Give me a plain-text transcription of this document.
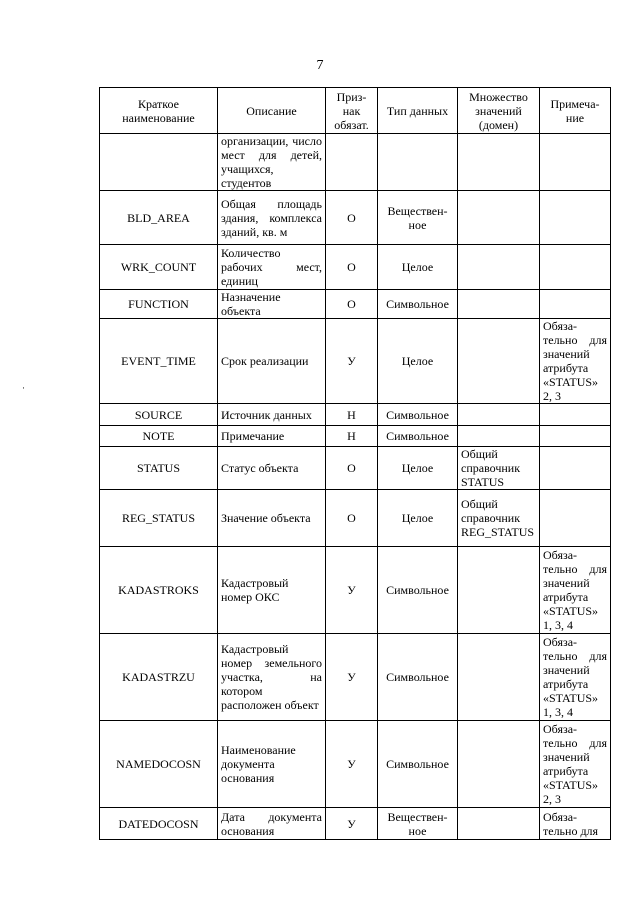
7
·
Краткое наименование	Описание	Приз-нак обязат.	Тип данных	Множество значений (домен)	Примеча-ние
	организации, число мест для детей, учащихся, студентов				
BLD_AREA	Общая площадь здания, комплекса зданий, кв. м	О	Веществен-ное		
WRK_COUNT	Количество рабочих мест, единиц	О	Целое		
FUNCTION	Назначение объекта	О	Символьное		
EVENT_TIME	Срок реализации	У	Целое		Обяза-тельно для значений атрибута «STATUS» 2, 3
SOURCE	Источник данных	Н	Символьное		
NOTE	Примечание	Н	Символьное		
STATUS	Статус объекта	О	Целое	Общий справочник STATUS	
REG_STATUS	Значение объекта	О	Целое	Общий справочник REG_STATUS	
KADASTROKS	Кадастровый номер ОКС	У	Символьное		Обяза-тельно для значений атрибута «STATUS» 1, 3, 4
KADASTRZU	Кадастровый номер земельного участка, на котором расположен объект	У	Символьное		Обяза-тельно для значений атрибута «STATUS» 1, 3, 4
NAMEDOCOSN	Наименование документа основания	У	Символьное		Обяза-тельно для значений атрибута «STATUS» 2, 3
DATEDOCOSN	Дата документа основания	У	Веществен-ное		Обяза-тельно для
